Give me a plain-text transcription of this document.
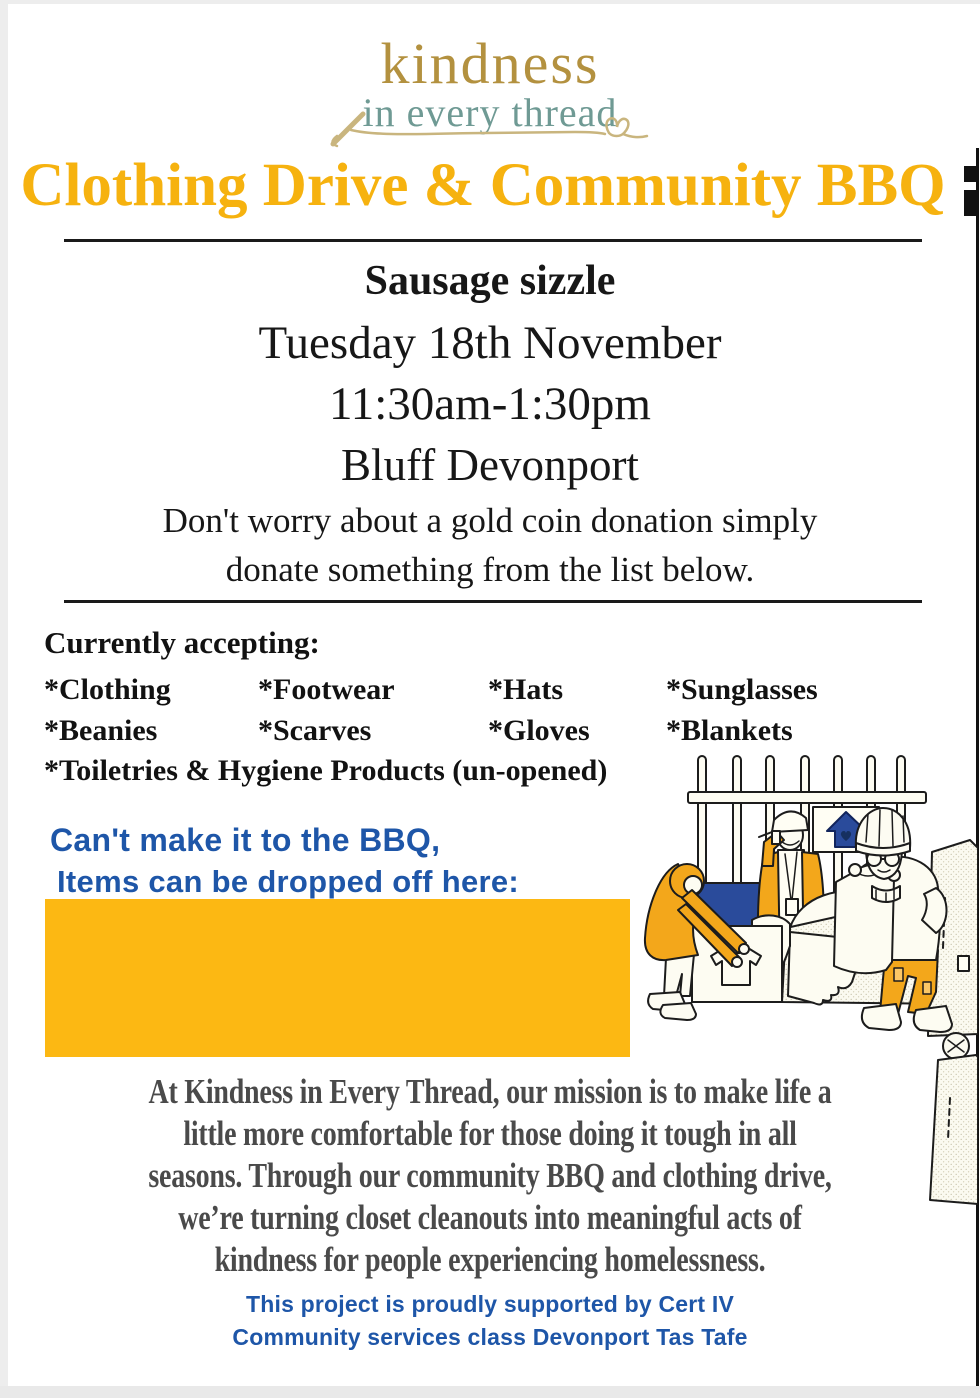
kindness
in every thread
Clothing Drive & Community BBQ
Sausage sizzle
Tuesday 18th November
11:30am-1:30pm
Bluff Devonport
Don't worry about a gold coin donation simply
donate something from the list below.
Currently accepting:
*Clothing	*Footwear	*Hats	*Sunglasses
*Beanies	*Scarves	*Gloves	*Blankets
*Toiletries & Hygiene Products (un-opened)
Can't make it to the BBQ,
Items can be dropped off here:
At Kindness in Every Thread, our mission is to make life a
little more comfortable for those doing it tough in all
seasons. Through our community BBQ and clothing drive,
we’re turning closet cleanouts into meaningful acts of
kindness for people experiencing homelessness.
This project is proudly supported by Cert IV
Community services class Devonport Tas Tafe
